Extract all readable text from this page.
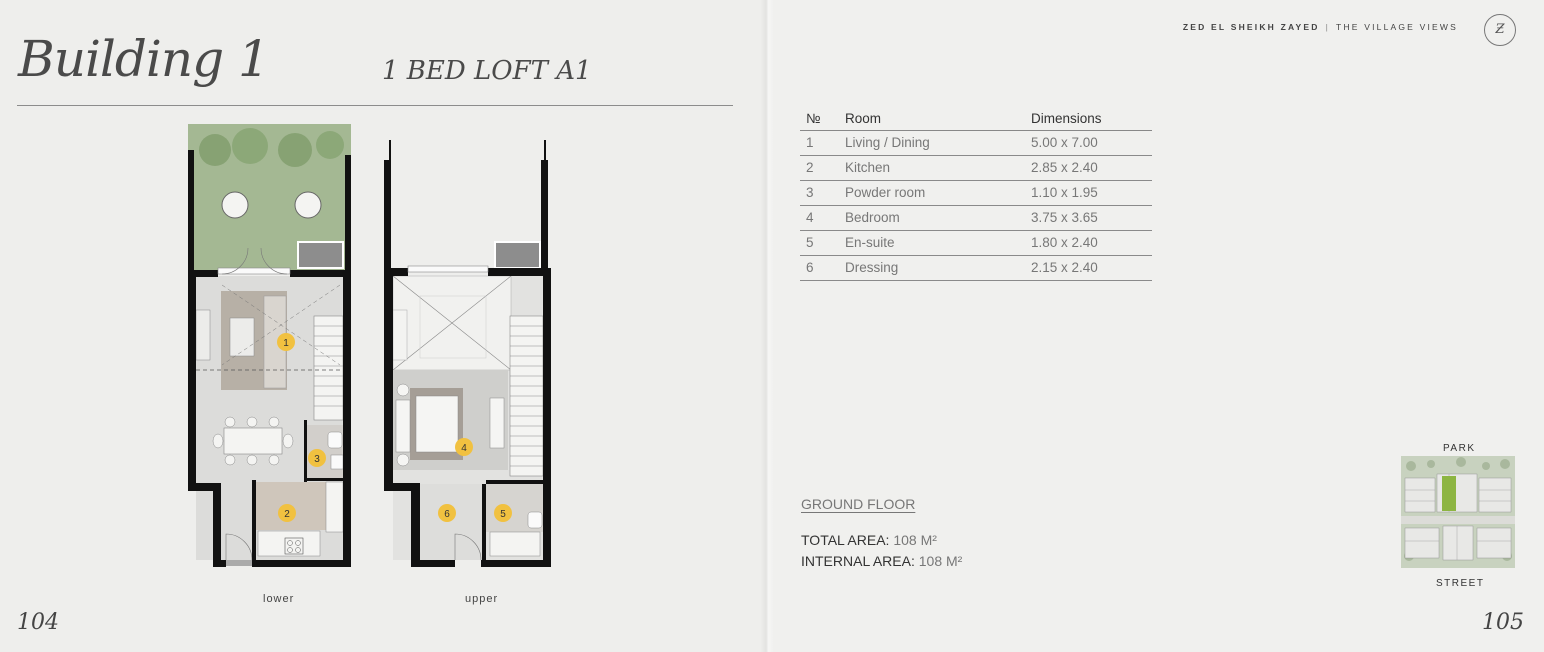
Building 1	1 BED LOFT A1
1
2
3
4
5
6
lower	upper
104
ZED EL SHEIKH ZAYED | THE VILLAGE VIEWS	Ƶ
№	Room	Dimensions
1	Living / Dining	5.00 x 7.00
2	Kitchen	2.85 x 2.40
3	Powder room	1.10 x 1.95
4	Bedroom	3.75 x 3.65
5	En-suite	1.80 x 2.40
6	Dressing	2.15 x 2.40
GROUND FLOOR
TOTAL AREA: 108 M²
INTERNAL AREA: 108 M²
PARK
STREET
105
